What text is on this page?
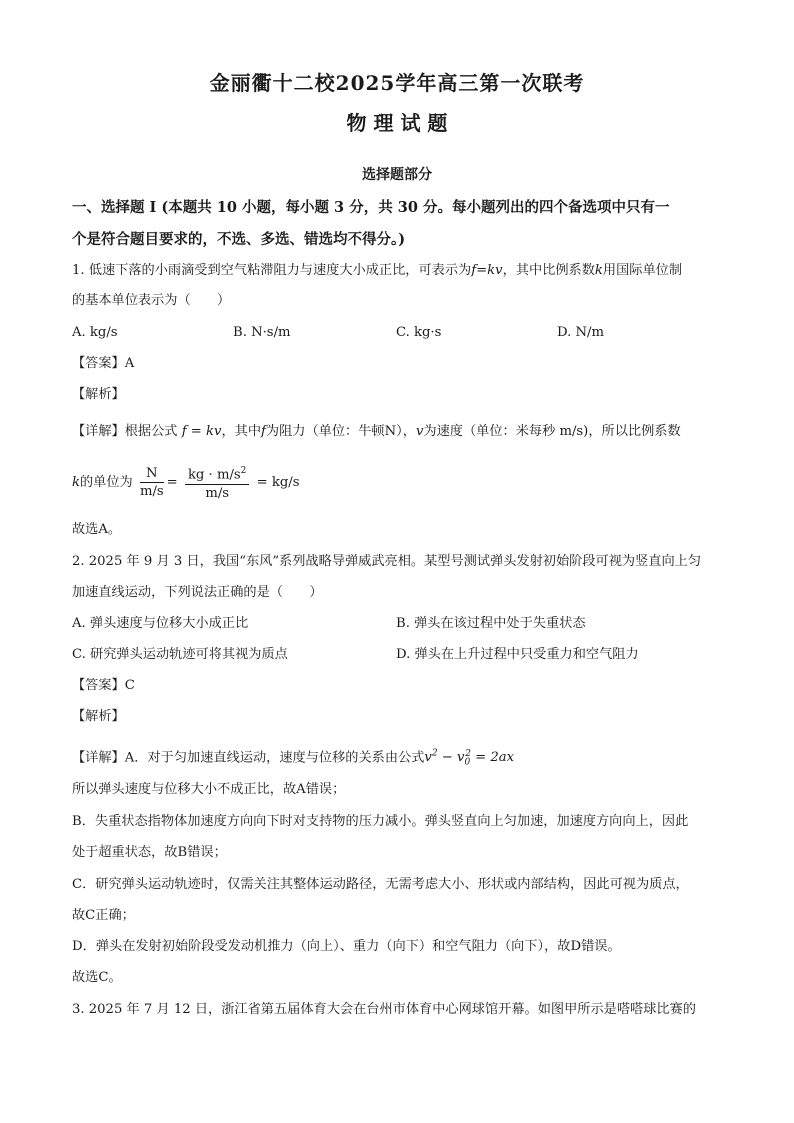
金丽衢十二校2025学年高三第一次联考
物 理 试 题
选择题部分
一、选择题 I (本题共 10 小题，每小题 3 分，共 30 分。每小题列出的四个备选项中只有一
个是符合题目要求的，不选、多选、错选均不得分。)
1. 低速下落的小雨滴受到空气粘滞阻力与速度大小成正比，可表示为f=kv，其中比例系数k用国际单位制
的基本单位表示为（　　）
A. kg/s	B. N·s/m	C. kg·s	D. N/m
【答案】A
【解析】
【详解】根据公式 f = kv，其中f为阻力（单位：牛顿N），v为速度（单位：米每秒 m/s)，所以比例系数
k的单位为 $\frac{N}{m/s} = \frac{kg \cdot m/s^2}{m/s} = kg/s$
故选A。
2. 2025 年 9 月 3 日，我国“东风”系列战略导弹威武亮相。某型号测试弹头发射初始阶段可视为竖直向上匀
加速直线运动，下列说法正确的是（　　）
A. 弹头速度与位移大小成正比	B. 弹头在该过程中处于失重状态
C. 研究弹头运动轨迹可将其视为质点	D. 弹头在上升过程中只受重力和空气阻力
【答案】C
【解析】
【详解】A．对于匀加速直线运动，速度与位移的关系由公式$v^2 - v_0^2 = 2ax$
所以弹头速度与位移大小不成正比，故A错误；
B．失重状态指物体加速度方向向下时对支持物的压力减小。弹头竖直向上匀加速，加速度方向向上，因此
处于超重状态，故B错误；
C．研究弹头运动轨迹时，仅需关注其整体运动路径，无需考虑大小、形状或内部结构，因此可视为质点，
故C正确；
D．弹头在发射初始阶段受发动机推力（向上）、重力（向下）和空气阻力（向下），故D错误。
故选C。
3. 2025 年 7 月 12 日，浙江省第五届体育大会在台州市体育中心网球馆开幕。如图甲所示是嗒嗒球比赛的
